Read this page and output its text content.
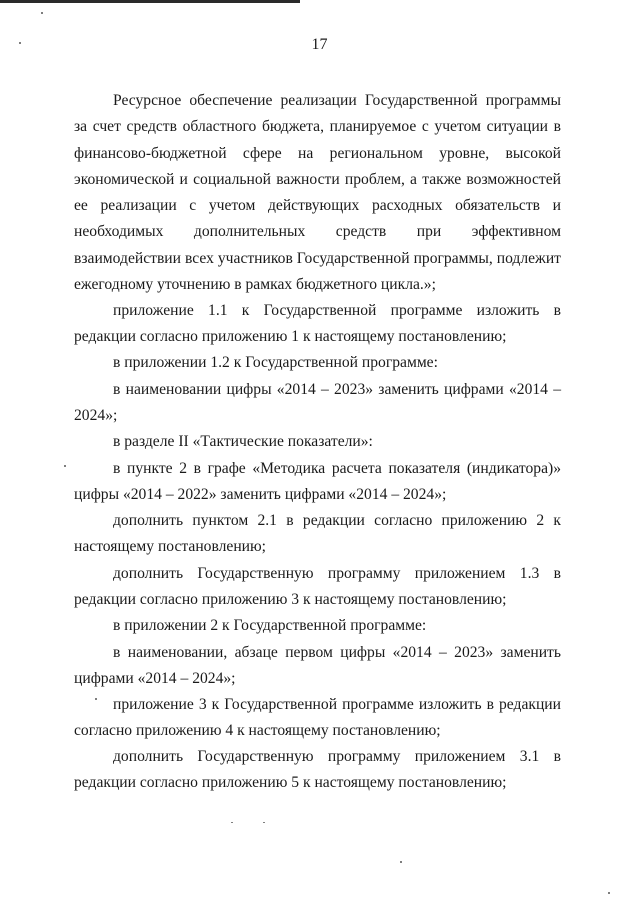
17

Ресурсное обеспечение реализации Государственной программы за счет средств областного бюджета, планируемое с учетом ситуации в финансово-бюджетной сфере на региональном уровне, высокой экономической и социальной важности проблем, а также возможностей ее реализации с учетом действующих расходных обязательств и необходимых дополнительных средств при эффективном взаимодействии всех участников Государственной программы, подлежит ежегодному уточнению в рамках бюджетного цикла.»;

приложение 1.1 к Государственной программе изложить в редакции согласно приложению 1 к настоящему постановлению;

в приложении 1.2 к Государственной программе:

в наименовании цифры «2014 – 2023» заменить цифрами «2014 – 2024»;

в разделе II «Тактические показатели»:

в пункте 2 в графе «Методика расчета показателя (индикатора)» цифры «2014 – 2022» заменить цифрами «2014 – 2024»;

дополнить пунктом 2.1 в редакции согласно приложению 2 к настоящему постановлению;

дополнить Государственную программу приложением 1.3 в редакции согласно приложению 3 к настоящему постановлению;

в приложении 2 к Государственной программе:

в наименовании, абзаце первом цифры «2014 – 2023» заменить цифрами «2014 – 2024»;

приложение 3 к Государственной программе изложить в редакции согласно приложению 4 к настоящему постановлению;

дополнить Государственную программу приложением 3.1 в редакции согласно приложению 5 к настоящему постановлению;
